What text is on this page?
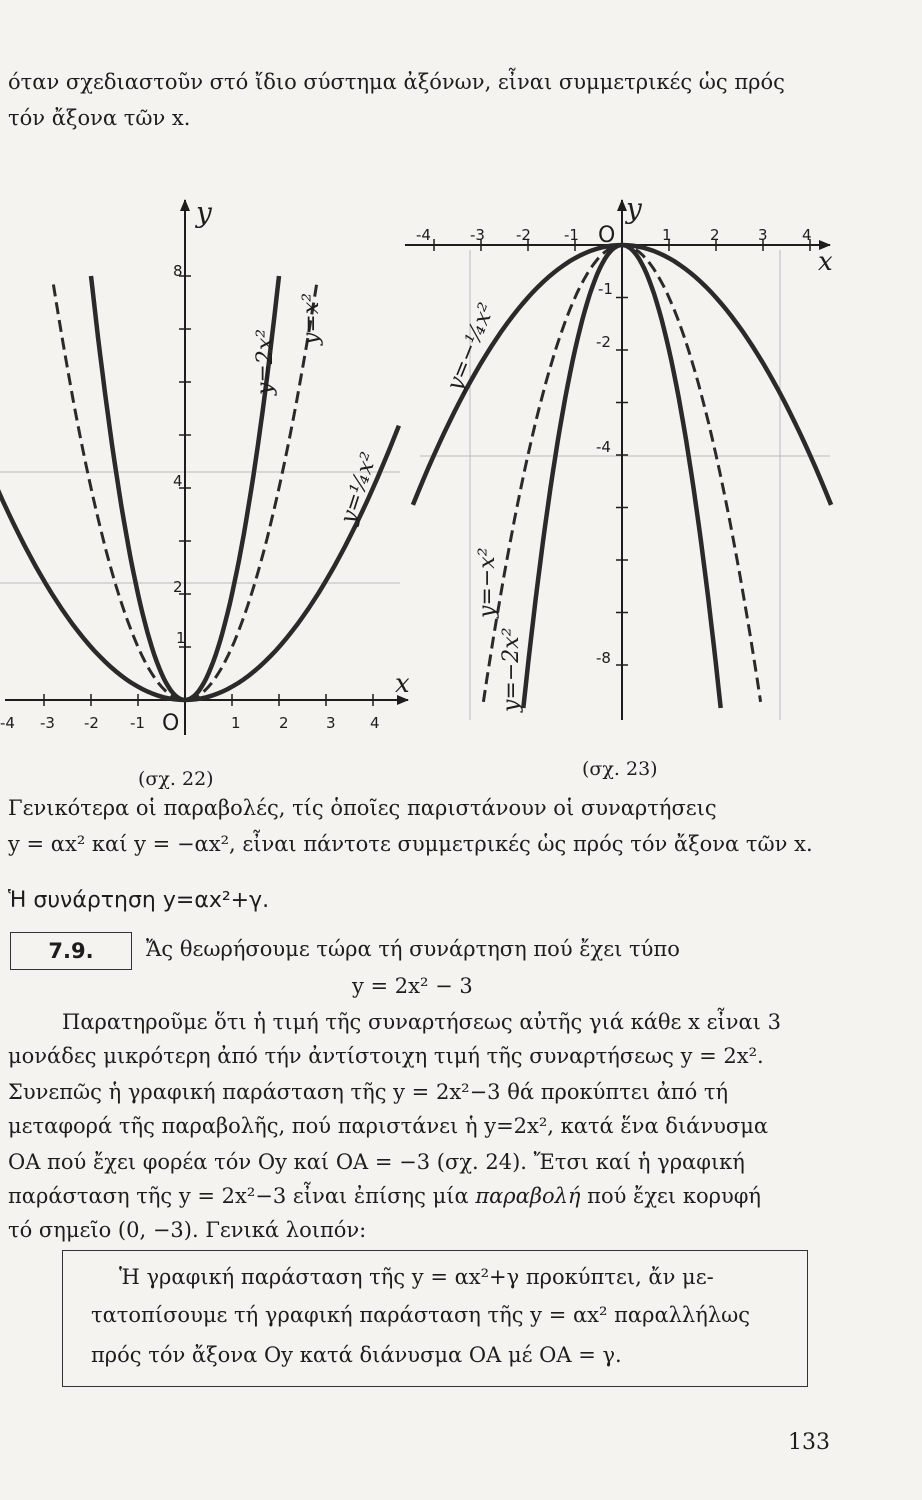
όταν σχεδιαστοῦν στό ἴδιο σύστημα ἀξόνων, εἶναι συμμετρικές ὡς πρός
τόν ἄξονα τῶν x.
x
y
O
-4 -3 -2 -1	1	2 3 4
8
4
2
1
y=2x²
y=x²
y=¼x²
x
y
O
-4	-3 -2 -1	1	2	3 4
-1
-2
-4
-8
y=−¼x²
y=−x²
y=−2x²
(σχ. 22)	(σχ. 23)
Γενικότερα οἱ παραβολές, τίς ὁποῖες παριστάνουν οἱ συναρτήσεις
y = αx² καί y = −αx², εἶναι πάντοτε συμμετρικές ὡς πρός τόν ἄξονα τῶν x.
Ἡ συνάρτηση y=αx²+γ.
7.9.	Ἄς θεωρήσουμε τώρα τή συνάρτηση πού ἔχει τύπο
y = 2x² − 3
Παρατηροῦμε ὅτι ἡ τιμή τῆς συναρτήσεως αὐτῆς γιά κάθε x εἶναι 3
μονάδες μικρότερη ἀπό τήν ἀντίστοιχη τιμή τῆς συναρτήσεως y = 2x².
Συνεπῶς ἡ γραφική παράσταση τῆς y = 2x²−3 θά προκύπτει ἀπό τή
μεταφορά τῆς παραβολῆς, πού παριστάνει ἡ y=2x², κατά ἕνα διάνυσμα
ΟΑ πού ἔχει φορέα τόν Οy καί ΟΑ = −3 (σχ. 24). Ἔτσι καί ἡ γραφική
παράσταση τῆς y = 2x²−3 εἶναι ἐπίσης μία παραβολή πού ἔχει κορυφή
τό σημεῖο (0, −3). Γενικά λοιπόν:
Ἡ γραφική παράσταση τῆς y = αx²+γ προκύπτει, ἄν με-
τατοπίσουμε τή γραφική παράσταση τῆς y = αx² παραλλήλως
πρός τόν ἄξονα Οy κατά διάνυσμα ΟΑ μέ ΟΑ = γ.
133
